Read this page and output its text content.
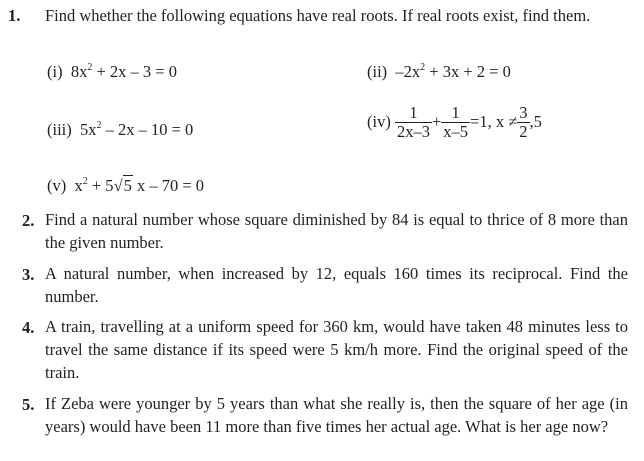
1. Find whether the following equations have real roots. If real roots exist, find them.
(i) $8x^2 + 2x - 3 = 0$	(ii) $-2x^2 + 3x + 2 = 0$
(iii) $5x^2 - 2x - 10 = 0$	$(iv) \frac{1}{2x-3} + \frac{1}{x-5} =1$, $x \ne \frac{3}{2} ,5$
(v) $x^2 + 5√5$ x – 70 = 0
2. Find a natural number whose square diminished by 84 is equal to thrice of 8 more than the given number.
3. A natural number, when increased by 12, equals 160 times its reciprocal. Find the number.
4. A train, travelling at a uniform speed for 360 km, would have taken 48 minutes less to travel the same distance if its speed were 5 km/h more. Find the original speed of the train.
5. If Zeba were younger by 5 years than what she really is, then the square of her age (in years) would have been 11 more than five times her actual age. What is her age now?
